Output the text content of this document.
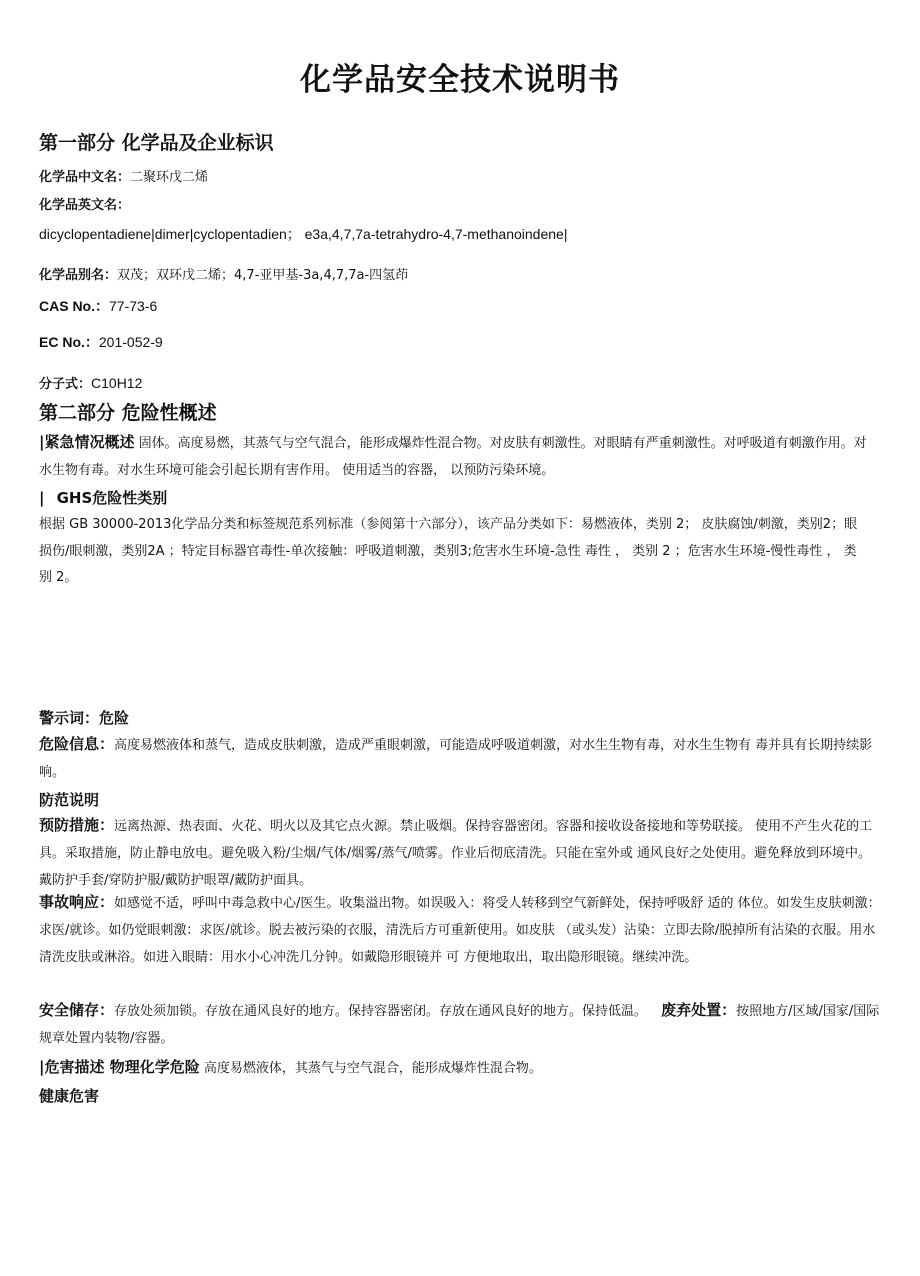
化学品安全技术说明书
第一部分 化学品及企业标识
化学品中文名：二聚环戊二烯
化学品英文名：
dicyclopentadiene|dimer|cyclopentadien； e3a,4,7,7a-tetrahydro-4,7-methanoindene|
化学品别名：双茂；双环戊二烯；4,7-亚甲基-3a,4,7,7a-四氢茚
CAS No.：77-73-6
EC No.：201-052-9
分子式：C10H12
第二部分 危险性概述
|紧急情况概述 固体。高度易燃，其蒸气与空气混合，能形成爆炸性混合物。对皮肤有刺激性。对眼睛有严重刺激性。对呼吸道有刺激作用。对 水生物有毒。对水生环境可能会引起长期有害作用。 使用适当的容器， 以预防污染环境。
| GHS危险性类别
根据 GB 30000-2013化学品分类和标签规范系列标准（参阅第十六部分），该产品分类如下：易燃液体，类别 2； 皮肤腐蚀/刺激，类别2；眼损伤/眼刺激，类别2A ；特定目标器官毒性-单次接触：呼吸道刺激，类别3;危害水生环境-急性 毒性 ， 类别 2 ；危害水生环境-慢性毒性 ， 类别 2。
警示词：危险
危险信息：高度易燃液体和蒸气，造成皮肤刺激，造成严重眼刺激，可能造成呼吸道刺激，对水生生物有毒，对水生生物有 毒并具有长期持续影响。
防范说明
预防措施：远离热源、热表面、火花、明火以及其它点火源。禁止吸烟。保持容器密闭。容器和接收设备接地和等势联接。 使用不产生火花的工具。采取措施，防止静电放电。避免吸入粉/尘烟/气体/烟雾/蒸气/喷雾。作业后彻底清洗。只能在室外或 通风良好之处使用。避免释放到环境中。戴防护手套/穿防护服/戴防护眼罩/戴防护面具。
事故响应：如感觉不适，呼叫中毒急救中心/医生。收集溢出物。如误吸入：将受人转移到空气新鲜处，保持呼吸舒 适的 体位。如发生皮肤刺激：求医/就诊。如仍觉眼刺激：求医/就诊。脱去被污染的衣服，清洗后方可重新使用。如皮肤 （或头发）沾染：立即去除/脱掉所有沾染的衣服。用水清洗皮肤或淋浴。如进入眼睛：用水小心冲洗几分钟。如戴隐形眼镜并 可 方便地取出，取出隐形眼镜。继续冲洗。
安全储存：存放处须加锁。存放在通风良好的地方。保持容器密闭。存放在通风良好的地方。保持低温。 废弃处置：按照地方/区域/国家/国际规章处置内装物/容器。
|危害描述 物理化学危险 高度易燃液体，其蒸气与空气混合，能形成爆炸性混合物。
健康危害
